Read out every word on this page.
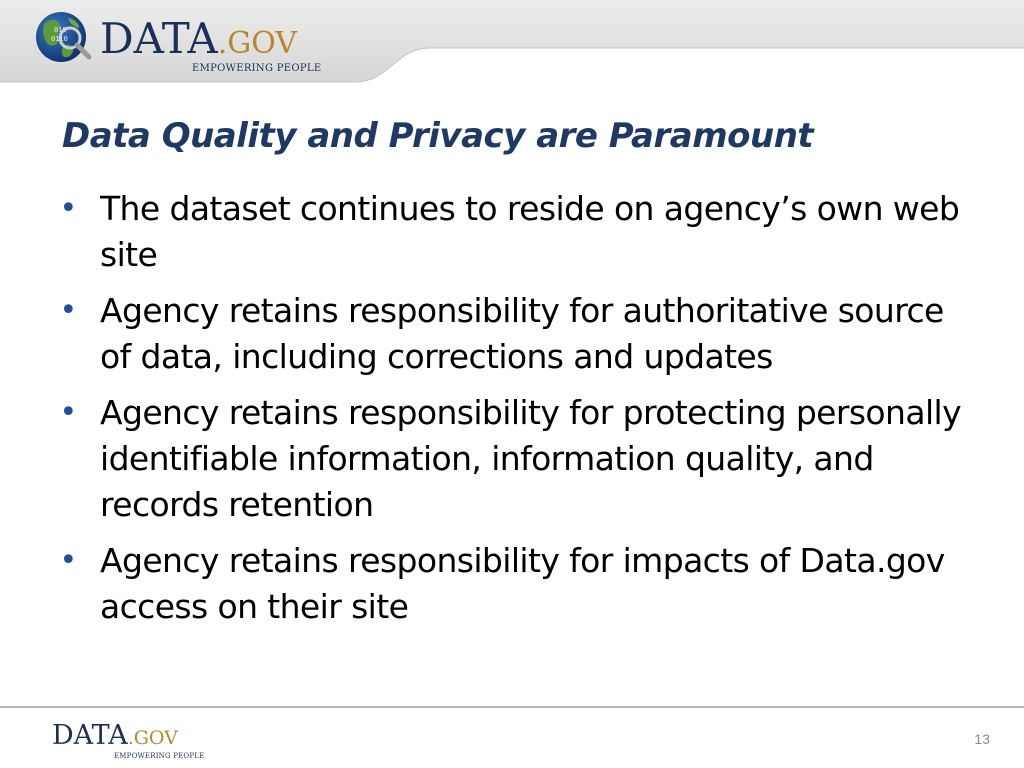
010
0110 DATA.GOV
EMPOWERING PEOPLE
Data Quality and Privacy are Paramount
• The dataset continues to reside on agency’s own web site
• Agency retains responsibility for authoritative source of data, including corrections and updates
• Agency retains responsibility for protecting personally identifiable information, information quality, and records retention
• Agency retains responsibility for impacts of Data.gov access on their site
DATA.GOV
EMPOWERING PEOPLE
13
